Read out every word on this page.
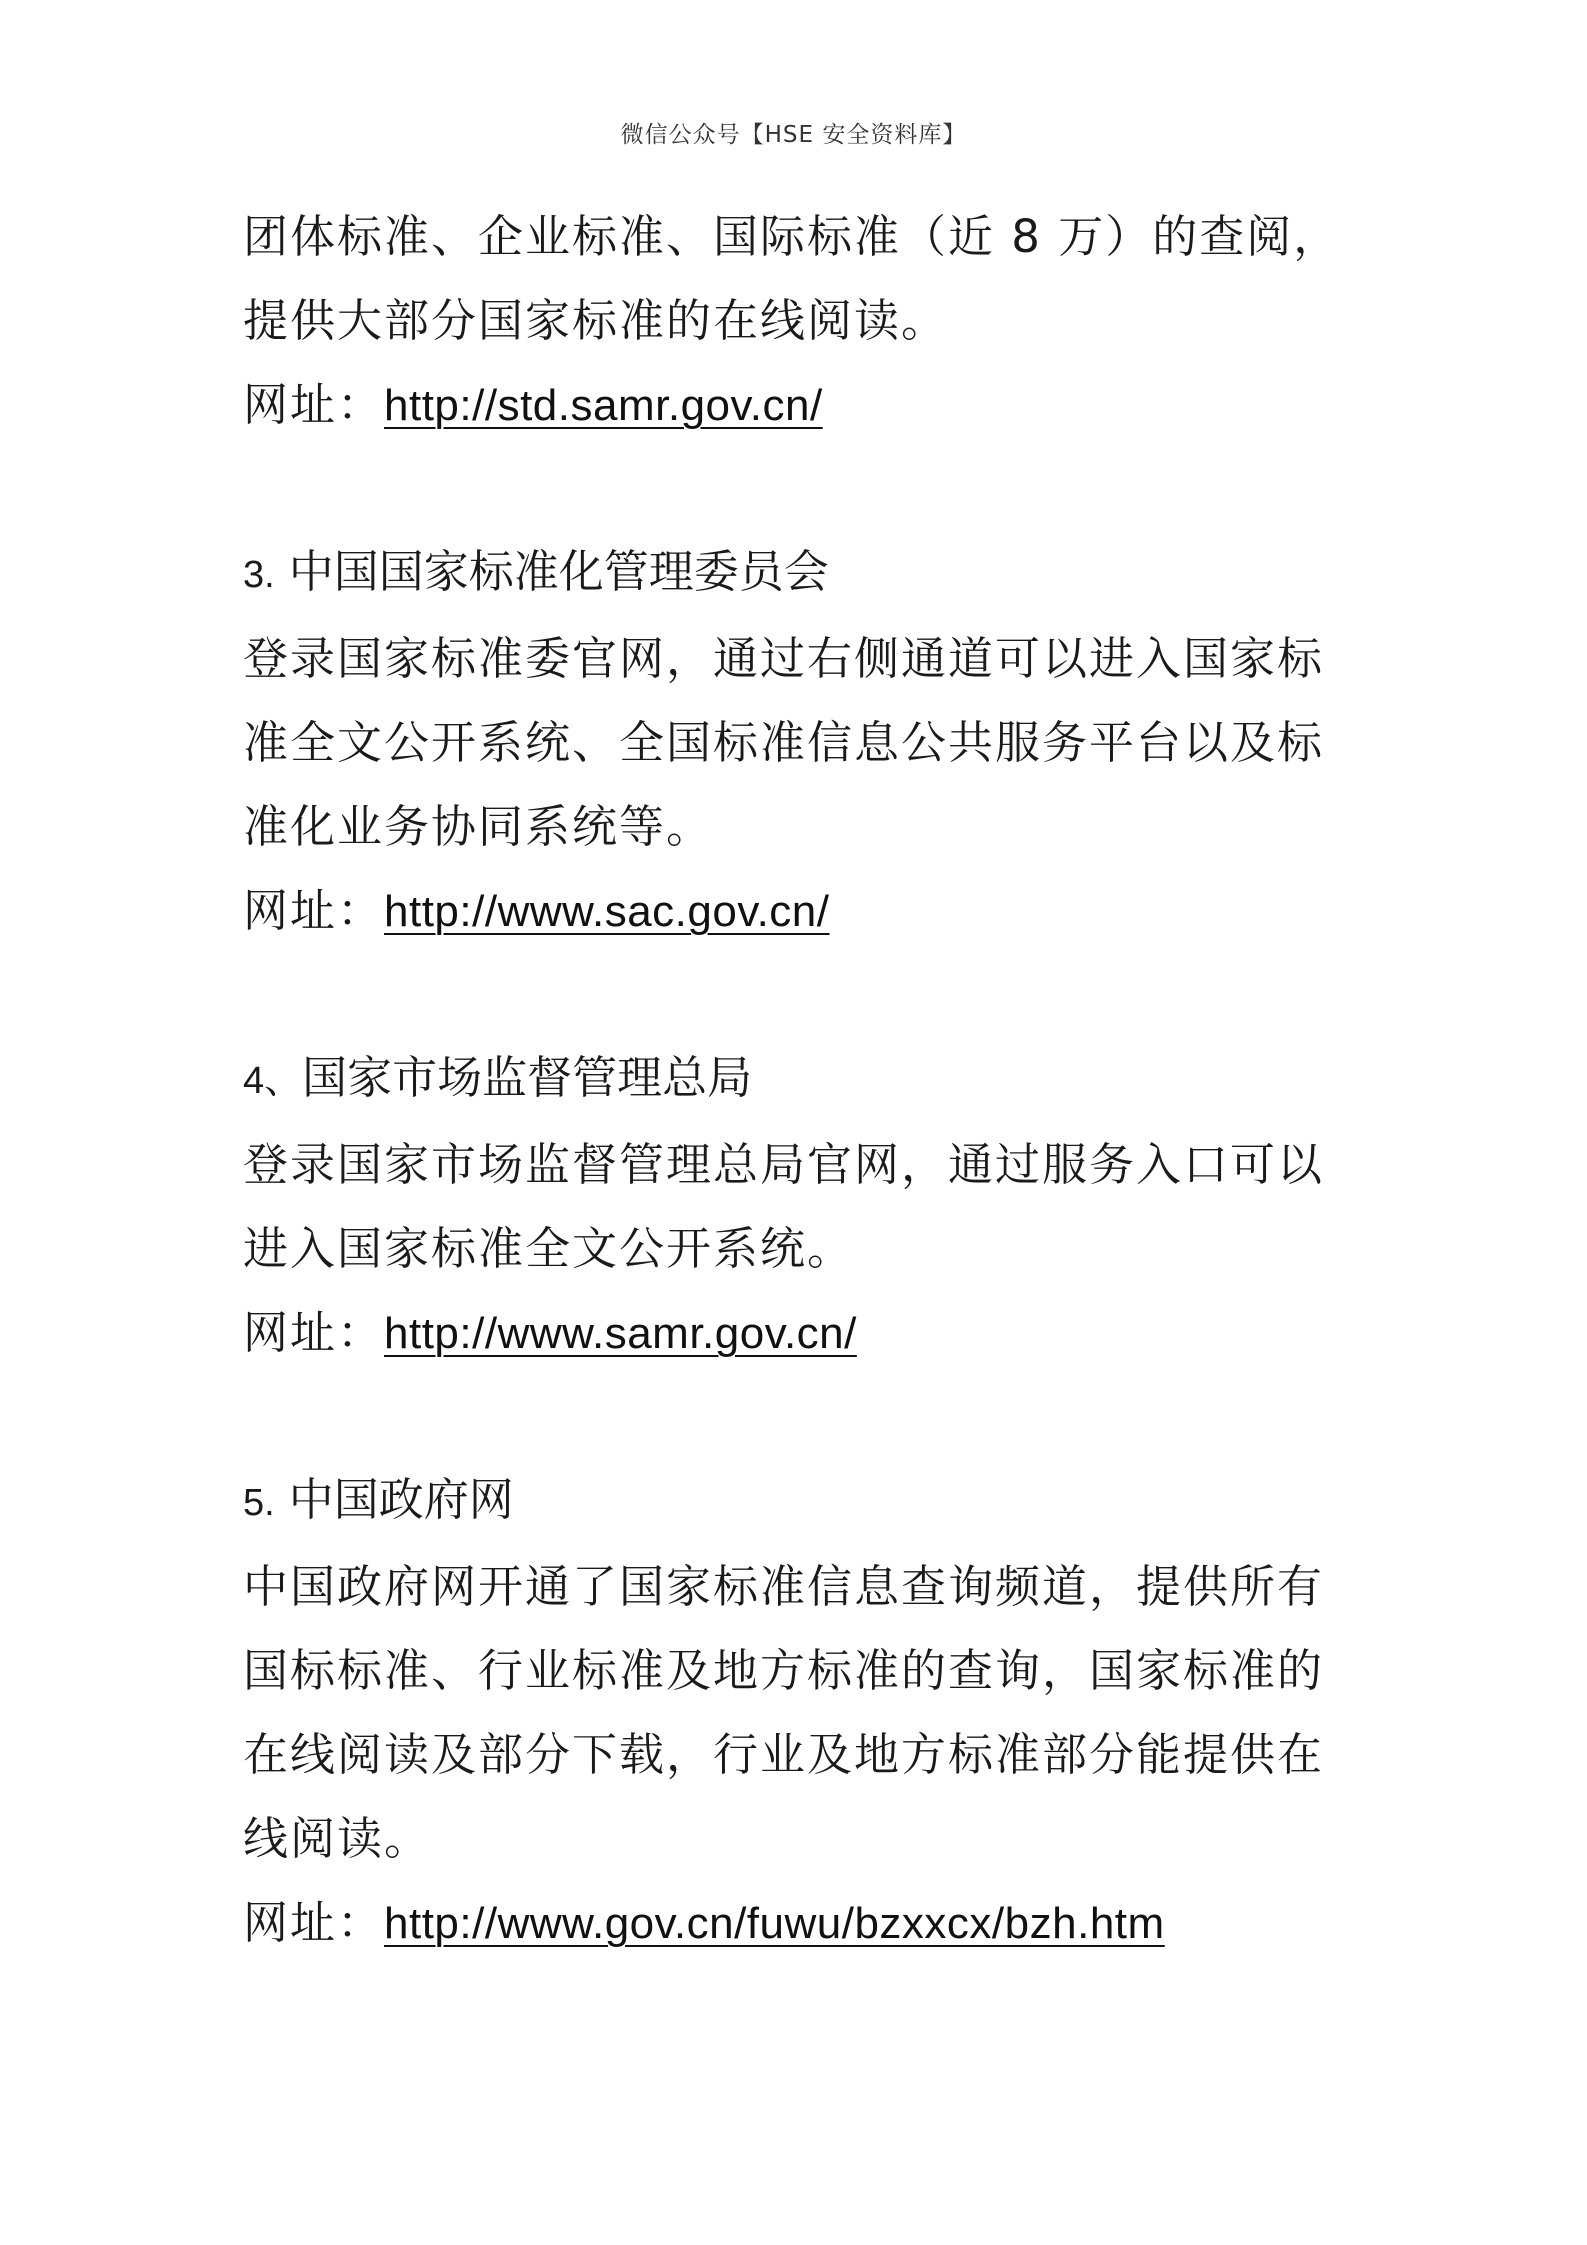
微信公众号【HSE 安全资料库】
团体标准、企业标准、国际标准（近 8 万）的查阅，
提供大部分国家标准的在线阅读。
网址：http://std.samr.gov.cn/
3. 中国国家标准化管理委员会
登录国家标准委官网，通过右侧通道可以进入国家标
准全文公开系统、全国标准信息公共服务平台以及标
准化业务协同系统等。
网址：http://www.sac.gov.cn/
4、国家市场监督管理总局
登录国家市场监督管理总局官网，通过服务入口可以
进入国家标准全文公开系统。
网址：http://www.samr.gov.cn/
5. 中国政府网
中国政府网开通了国家标准信息查询频道，提供所有
国标标准、行业标准及地方标准的查询，国家标准的
在线阅读及部分下载，行业及地方标准部分能提供在
线阅读。
网址：http://www.gov.cn/fuwu/bzxxcx/bzh.htm
